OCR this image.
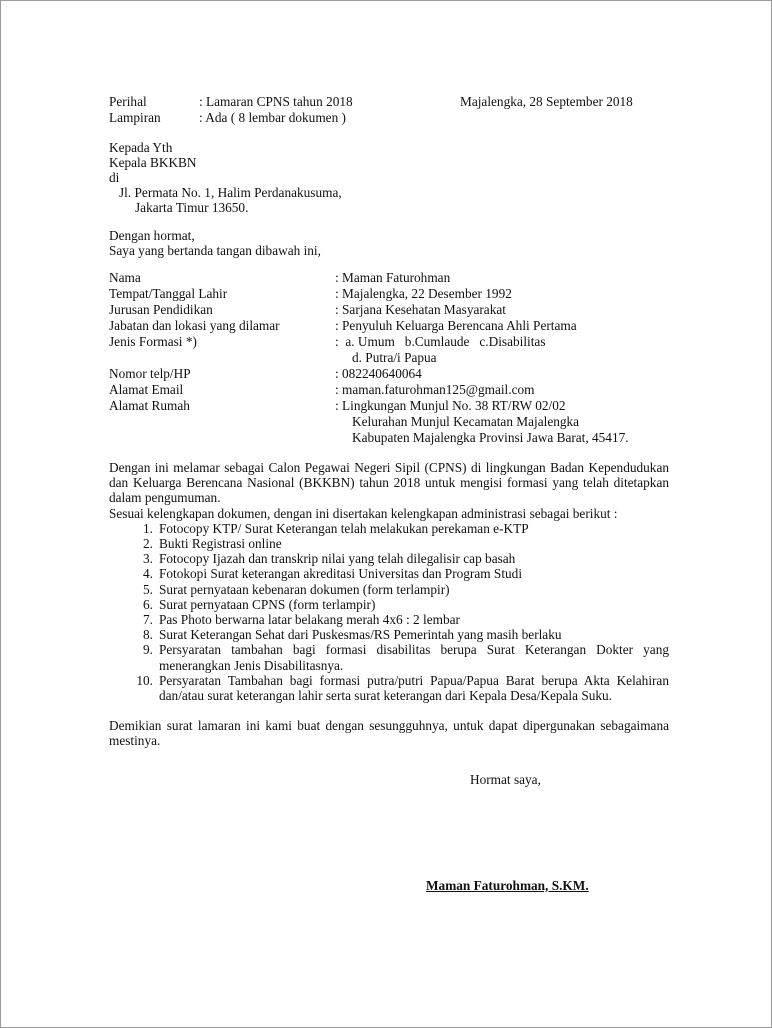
Perihal	: Lamaran CPNS tahun 2018	Majalengka, 28 September 2018
Lampiran	: Ada ( 8 lembar dokumen )
Kepada Yth
Kepala BKKBN
di
Jl. Permata No. 1, Halim Perdanakusuma,
Jakarta Timur 13650.
Dengan hormat,
Saya yang bertanda tangan dibawah ini,
Nama	: Maman Faturohman
Tempat/Tanggal Lahir	: Majalengka, 22 Desember 1992
Jurusan Pendidikan	: Sarjana Kesehatan Masyarakat
Jabatan dan lokasi yang dilamar	: Penyuluh Keluarga Berencana Ahli Pertama
Jenis Formasi *)	:  a. Umum   b.Cumlaude   c.Disabilitas
d. Putra/i Papua
Nomor telp/HP	: 082240640064
Alamat Email	: maman.faturohman125@gmail.com
Alamat Rumah	: Lingkungan Munjul No. 38 RT/RW 02/02
Kelurahan Munjul Kecamatan Majalengka
Kabupaten Majalengka Provinsi Jawa Barat, 45417.
Dengan ini melamar sebagai Calon Pegawai Negeri Sipil (CPNS) di lingkungan Badan Kependudukan dan Keluarga Berencana Nasional (BKKBN) tahun 2018 untuk mengisi formasi yang telah ditetapkan dalam pengumuman.
Sesuai kelengkapan dokumen, dengan ini disertakan kelengkapan administrasi sebagai berikut :
1. Fotocopy KTP/ Surat Keterangan telah melakukan perekaman e-KTP
2. Bukti Registrasi online
3. Fotocopy Ijazah dan transkrip nilai yang telah dilegalisir cap basah
4. Fotokopi Surat keterangan akreditasi Universitas dan Program Studi
5. Surat pernyataan kebenaran dokumen (form terlampir)
6. Surat pernyataan CPNS (form terlampir)
7. Pas Photo berwarna latar belakang merah 4x6 : 2 lembar
8. Surat Keterangan Sehat dari Puskesmas/RS Pemerintah yang masih berlaku
9. Persyaratan tambahan bagi formasi disabilitas berupa Surat Keterangan Dokter yang menerangkan Jenis Disabilitasnya.
10. Persyaratan Tambahan bagi formasi putra/putri Papua/Papua Barat berupa Akta Kelahiran dan/atau surat keterangan lahir serta surat keterangan dari Kepala Desa/Kepala Suku.
Demikian surat lamaran ini kami buat dengan sesungguhnya, untuk dapat dipergunakan sebagaimana mestinya.
Hormat saya,
Maman Faturohman, S.KM.
